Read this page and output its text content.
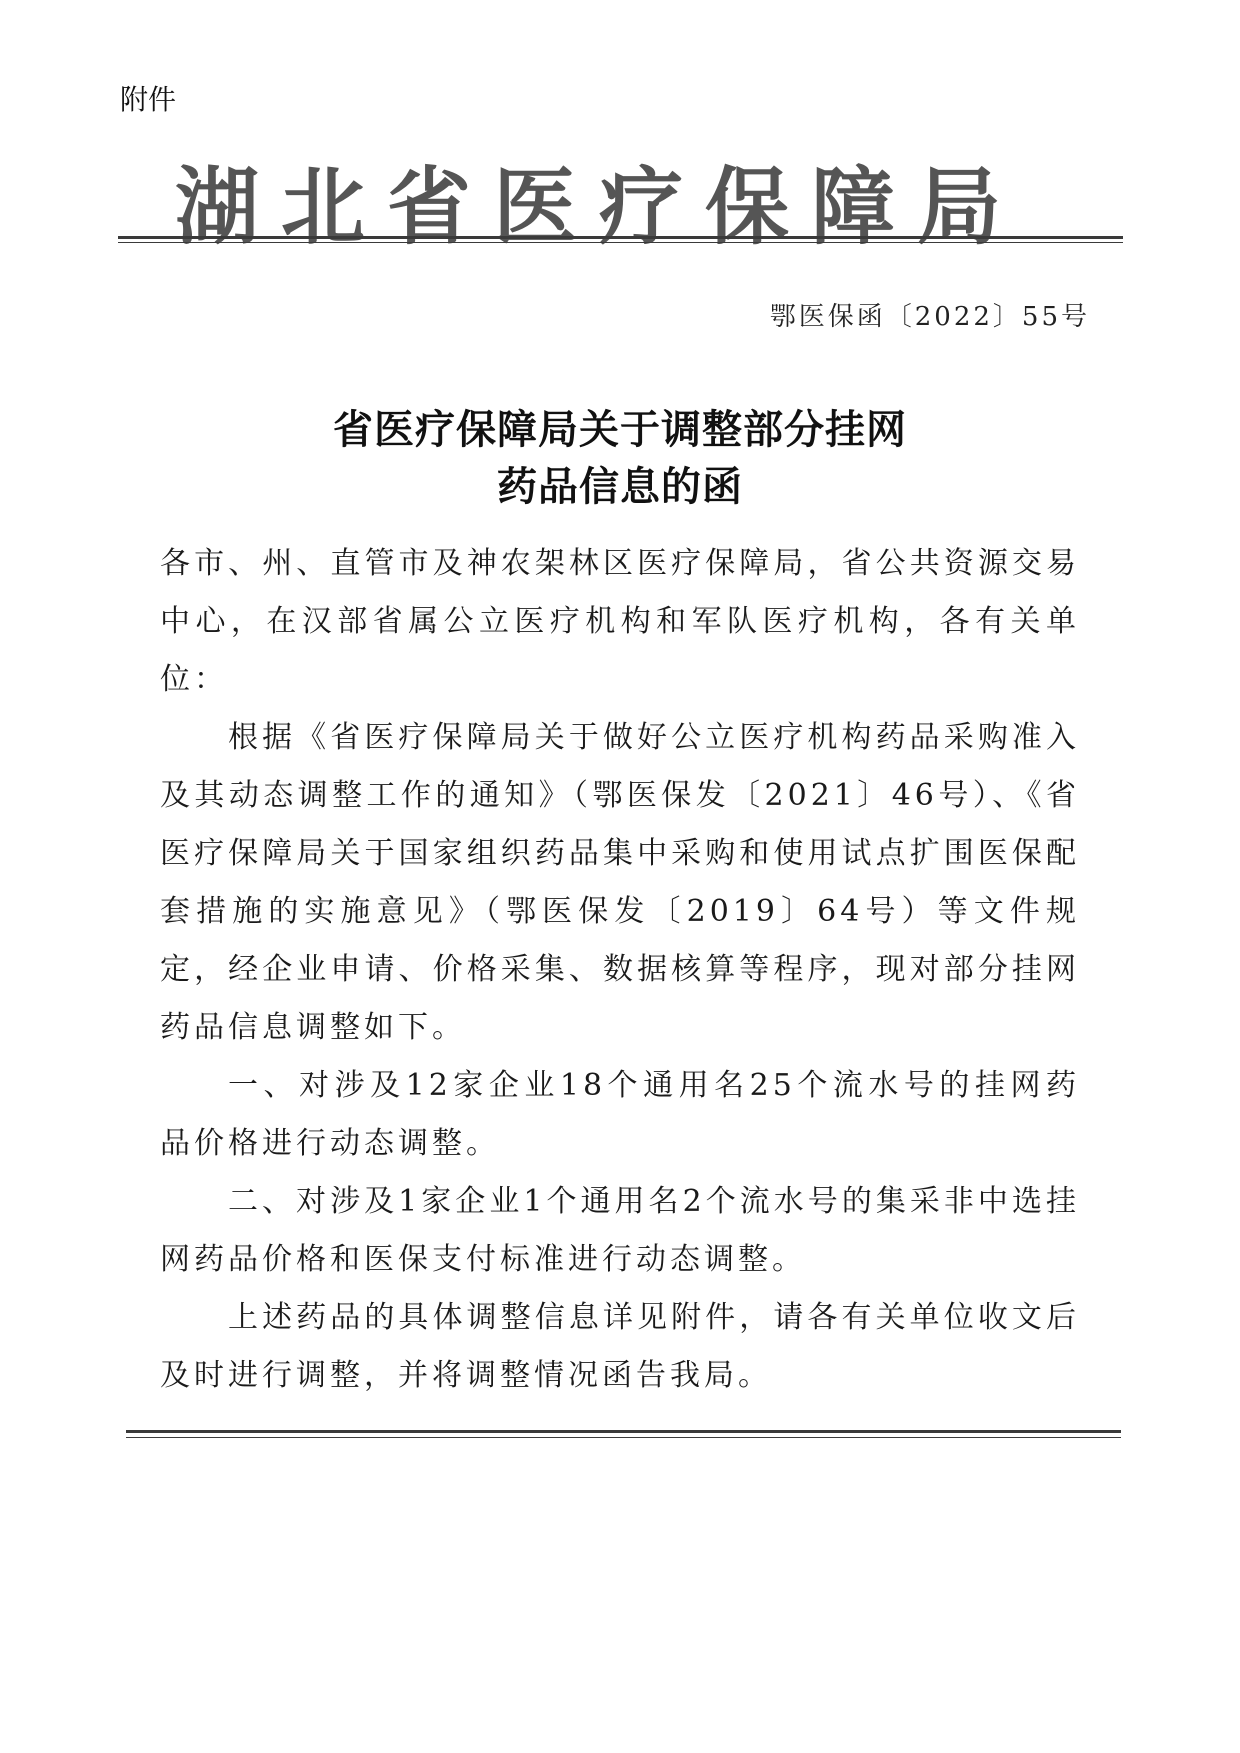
附件
湖北省医疗保障局
鄂医保函〔2022〕55号
省医疗保障局关于调整部分挂网
药品信息的函

各市、州、直管市及神农架林区医疗保障局，省公共资源交易中心，在汉部省属公立医疗机构和军队医疗机构，各有关单位：

根据《省医疗保障局关于做好公立医疗机构药品采购准入及其动态调整工作的通知》（鄂医保发〔2021〕46号）、《省医疗保障局关于国家组织药品集中采购和使用试点扩围医保配套措施的实施意见》（鄂医保发〔2019〕64号）等文件规定，经企业申请、价格采集、数据核算等程序，现对部分挂网药品信息调整如下。

一、对涉及12家企业18个通用名25个流水号的挂网药品价格进行动态调整。

二、对涉及1家企业1个通用名2个流水号的集采非中选挂网药品价格和医保支付标准进行动态调整。

上述药品的具体调整信息详见附件，请各有关单位收文后及时进行调整，并将调整情况函告我局。
